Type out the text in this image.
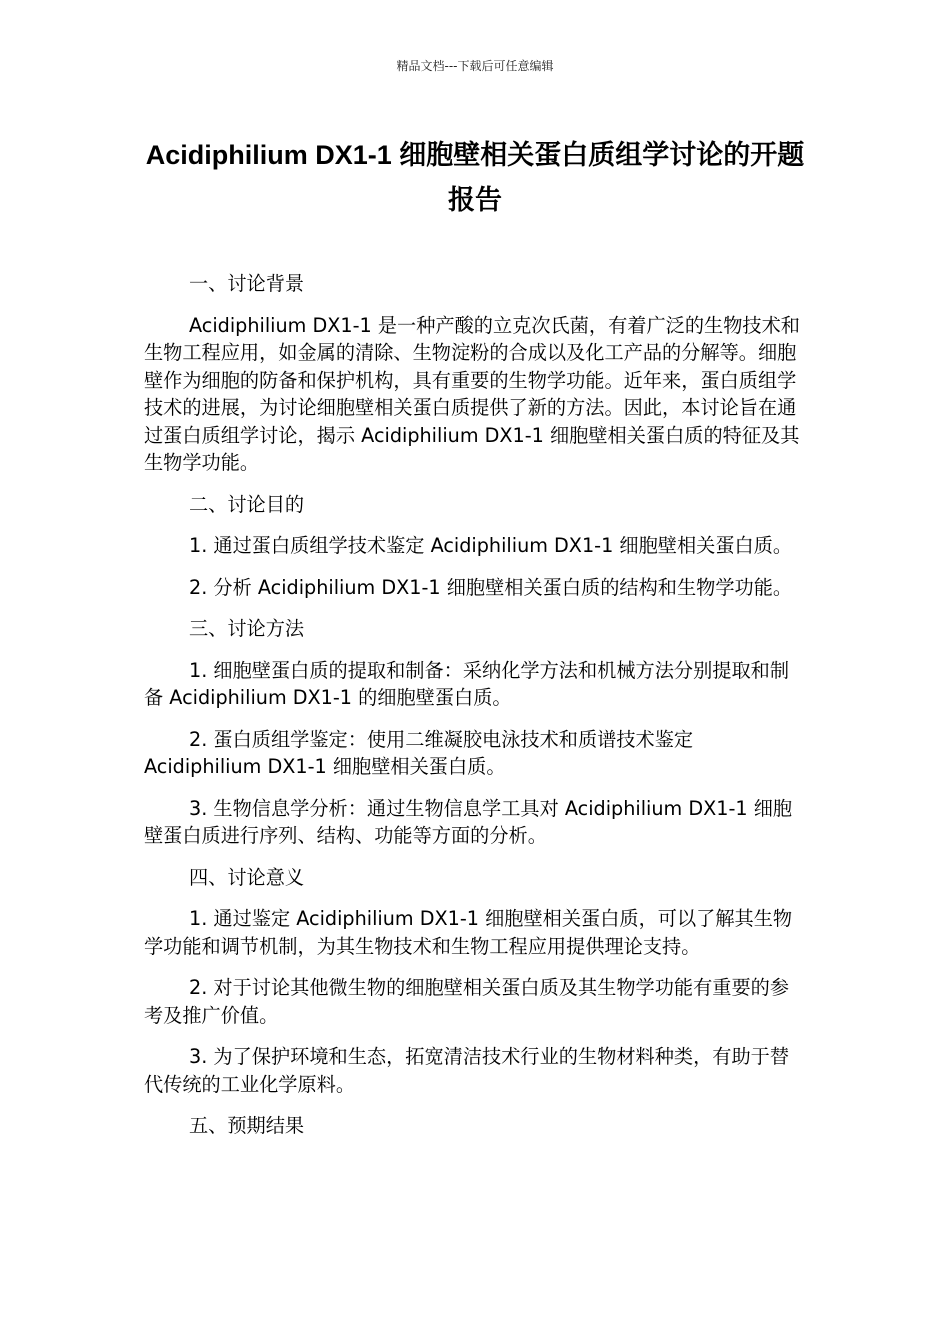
精品文档---下载后可任意编辑
Acidiphilium DX1-1 细胞壁相关蛋白质组学讨论的开题报告

一、讨论背景

Acidiphilium DX1-1 是一种产酸的立克次氏菌，有着广泛的生物技术和生物工程应用，如金属的清除、生物淀粉的合成以及化工产品的分解等。细胞壁作为细胞的防备和保护机构，具有重要的生物学功能。近年来，蛋白质组学技术的进展，为讨论细胞壁相关蛋白质提供了新的方法。因此，本讨论旨在通过蛋白质组学讨论，揭示 Acidiphilium DX1-1 细胞壁相关蛋白质的特征及其生物学功能。

二、讨论目的

1. 通过蛋白质组学技术鉴定 Acidiphilium DX1-1 细胞壁相关蛋白质。

2. 分析 Acidiphilium DX1-1 细胞壁相关蛋白质的结构和生物学功能。

三、讨论方法

1. 细胞壁蛋白质的提取和制备：采纳化学方法和机械方法分别提取和制备 Acidiphilium DX1-1 的细胞壁蛋白质。

2. 蛋白质组学鉴定：使用二维凝胶电泳技术和质谱技术鉴定 Acidiphilium DX1-1 细胞壁相关蛋白质。

3. 生物信息学分析：通过生物信息学工具对 Acidiphilium DX1-1 细胞壁蛋白质进行序列、结构、功能等方面的分析。

四、讨论意义

1. 通过鉴定 Acidiphilium DX1-1 细胞壁相关蛋白质，可以了解其生物学功能和调节机制，为其生物技术和生物工程应用提供理论支持。

2. 对于讨论其他微生物的细胞壁相关蛋白质及其生物学功能有重要的参考及推广价值。

3. 为了保护环境和生态，拓宽清洁技术行业的生物材料种类，有助于替代传统的工业化学原料。

五、预期结果
